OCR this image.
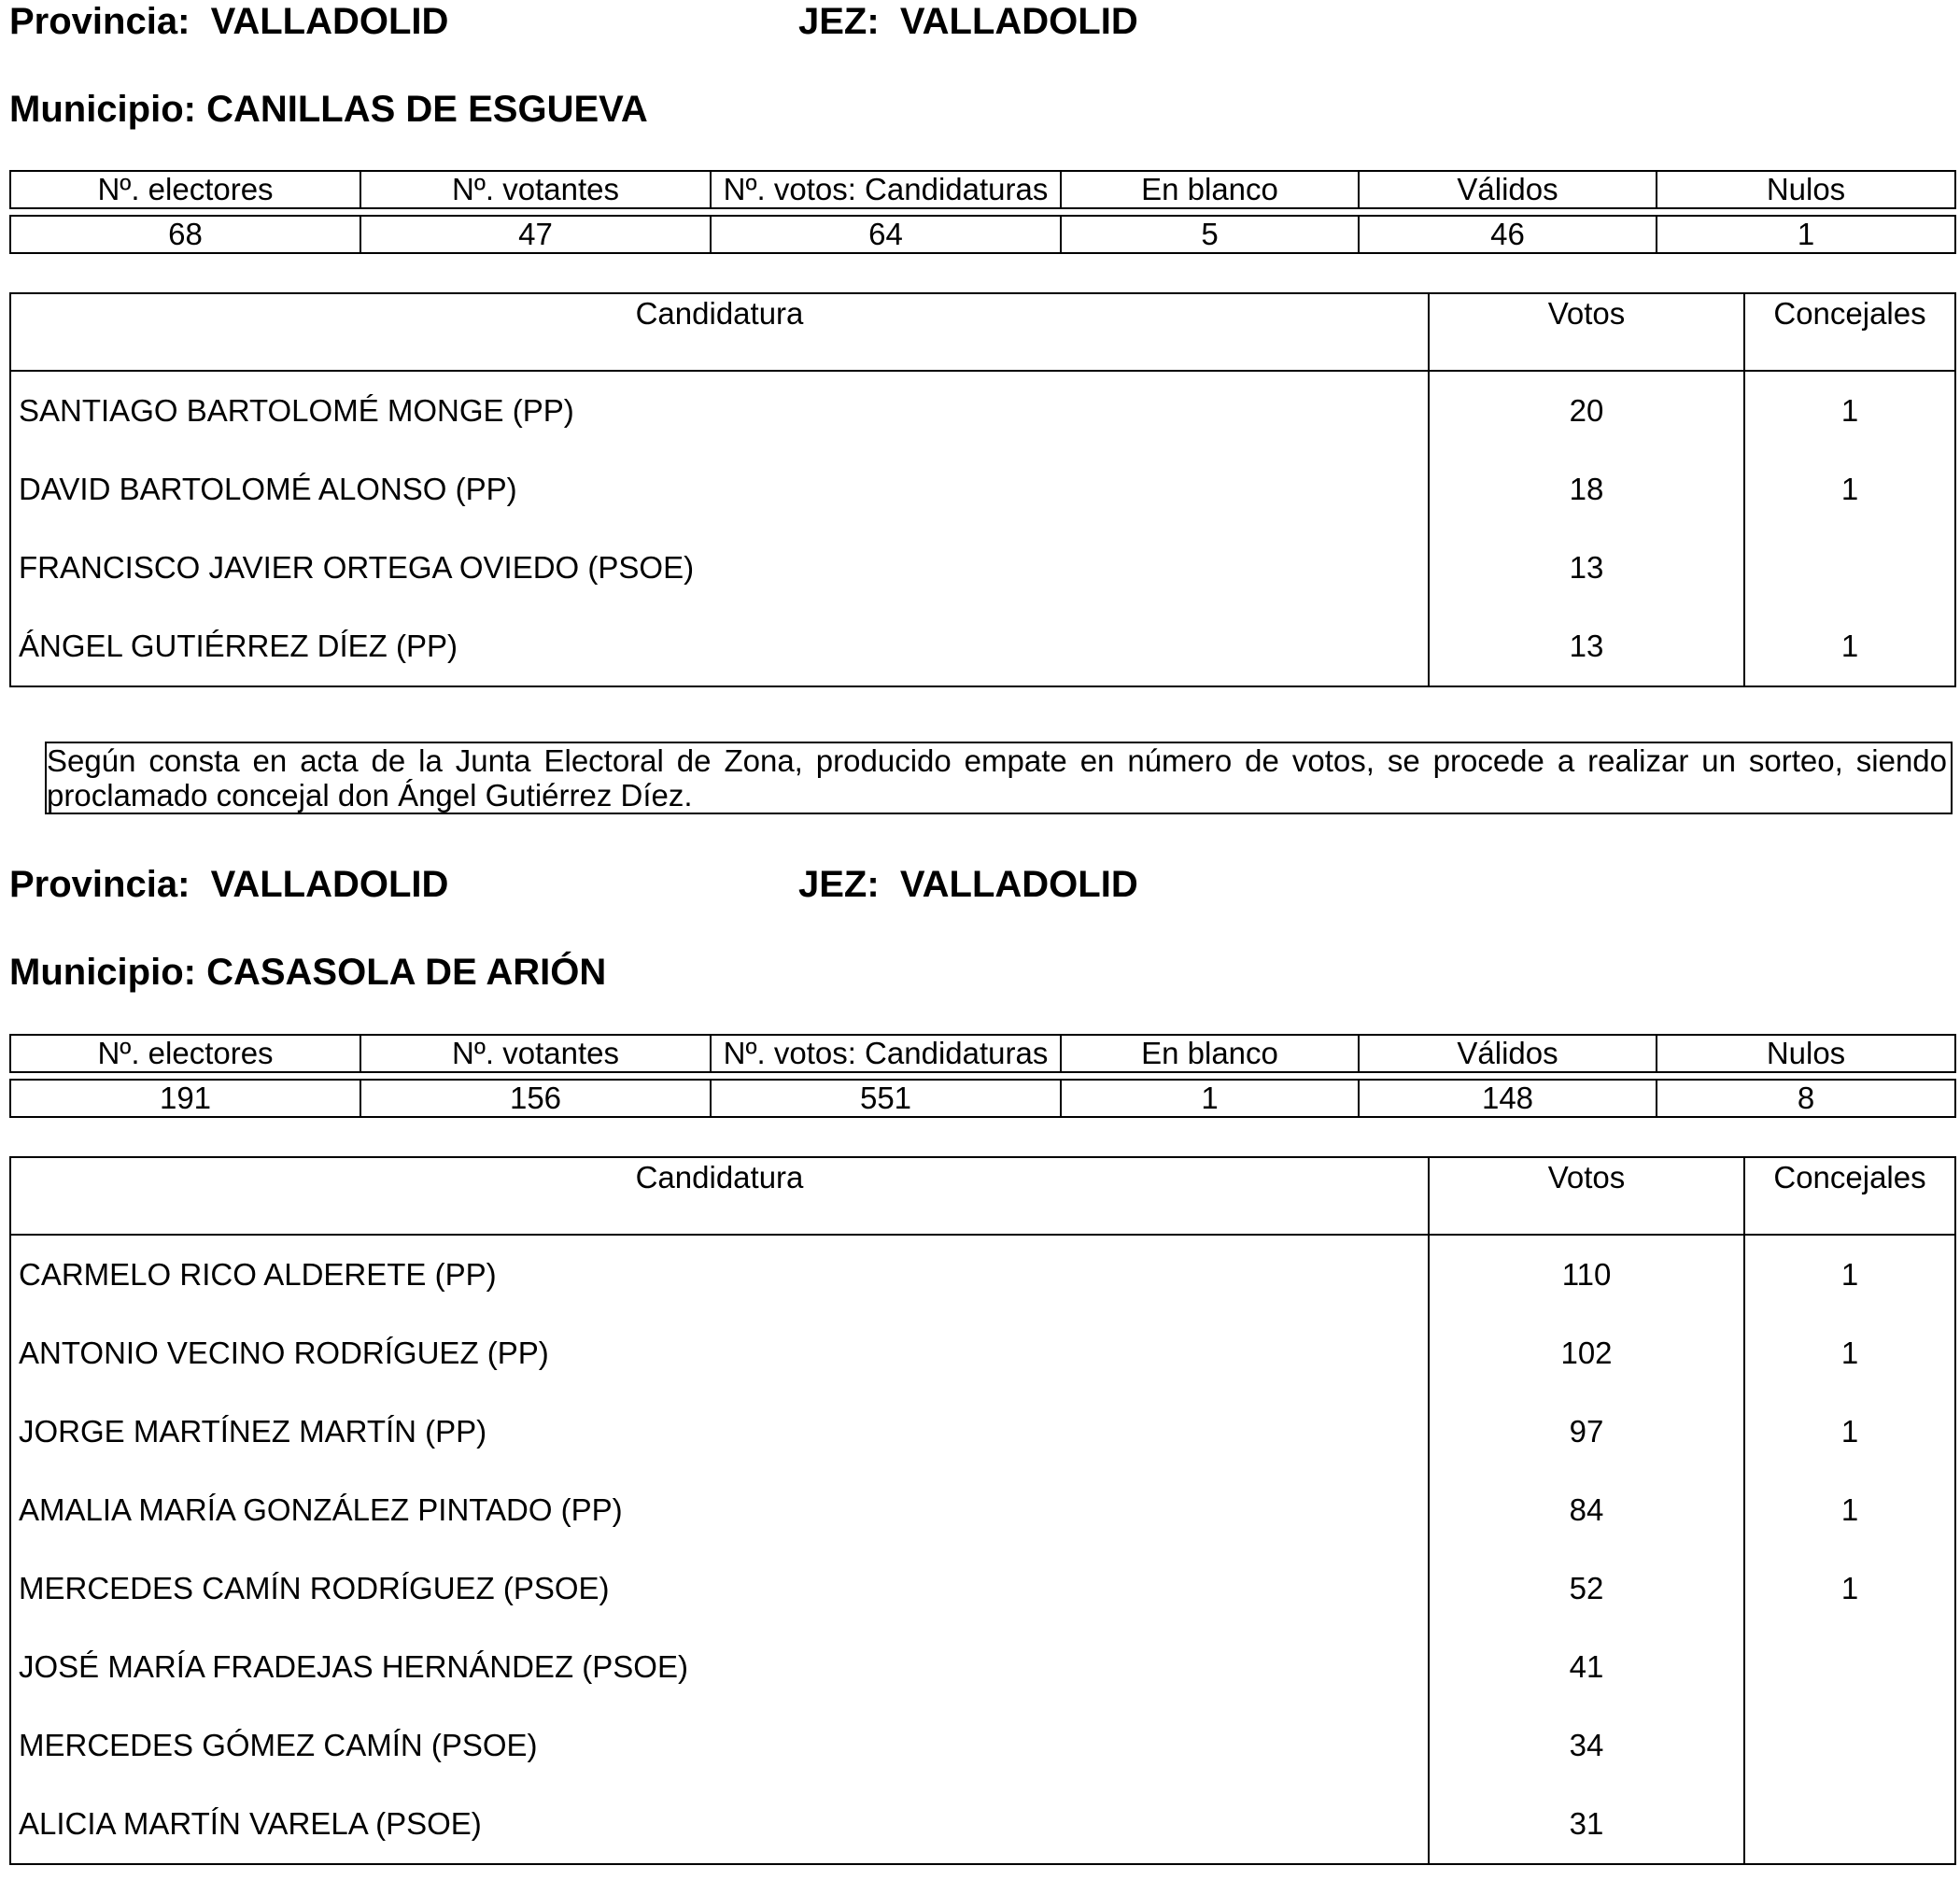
Provincia: VALLADOLID	JEZ: VALLADOLID
Municipio: CANILLAS DE ESGUEVA
Nº. electores	Nº. votantes	Nº. votos: Candidaturas	En blanco	Válidos	Nulos

68	47	64	5	46	1
Candidatura	Votos	Concejales
SANTIAGO BARTOLOMÉ MONGE (PP)	20	1
DAVID BARTOLOMÉ ALONSO (PP)	18	1
FRANCISCO JAVIER ORTEGA OVIEDO (PSOE)	13	
ÁNGEL GUTIÉRREZ DÍEZ (PP)	13	1
Según consta en acta de la Junta Electoral de Zona, producido empate en número de votos, se procede a realizar un sorteo, siendo proclamado concejal don Ángel Gutiérrez Díez.
Provincia: VALLADOLID	JEZ: VALLADOLID
Municipio: CASASOLA DE ARIÓN
Nº. electores	Nº. votantes	Nº. votos: Candidaturas	En blanco	Válidos	Nulos

191	156	551	1	148	8
Candidatura	Votos	Concejales
CARMELO RICO ALDERETE (PP)	110	1
ANTONIO VECINO RODRÍGUEZ (PP)	102	1
JORGE MARTÍNEZ MARTÍN (PP)	97	1
AMALIA MARÍA GONZÁLEZ PINTADO (PP)	84	1
MERCEDES CAMÍN RODRÍGUEZ (PSOE)	52	1
JOSÉ MARÍA FRADEJAS HERNÁNDEZ (PSOE)	41	
MERCEDES GÓMEZ CAMÍN (PSOE)	34	
ALICIA MARTÍN VARELA (PSOE)	31	
